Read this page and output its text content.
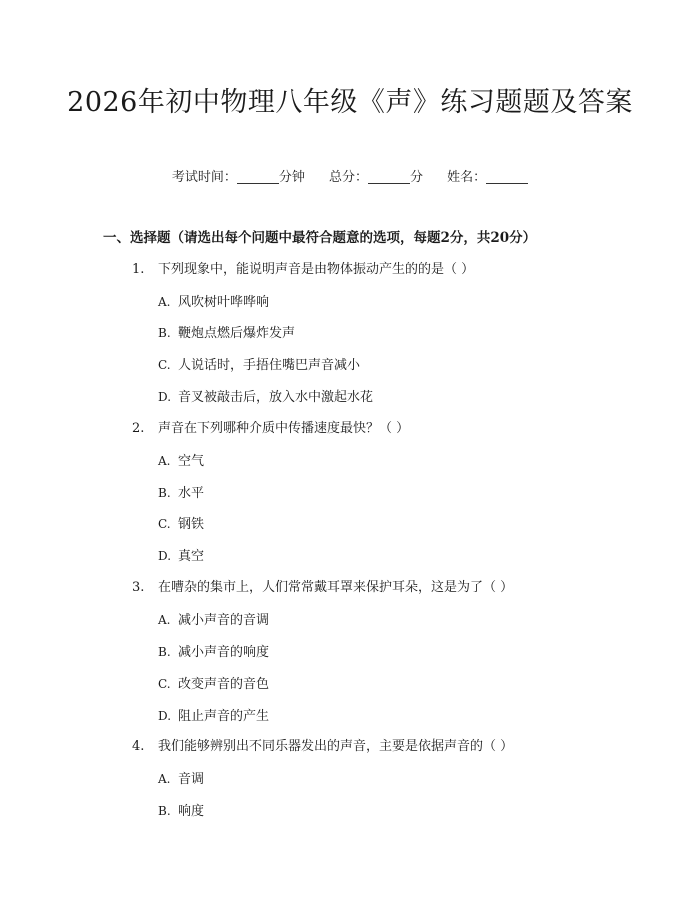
2026年初中物理八年级《声》练习题题及答案
考试时间：	分钟 总分：	分 姓名：
一、选择题（请选出每个问题中最符合题意的选项，每题2分，共20分）
1. 下列现象中，能说明声音是由物体振动产生的的是（ ）
A. 风吹树叶哗哗响
B. 鞭炮点燃后爆炸发声
C. 人说话时，手捂住嘴巴声音减小
D. 音叉被敲击后，放入水中激起水花
2. 声音在下列哪种介质中传播速度最快？（ ）
A. 空气
B. 水平
C. 钢铁
D. 真空
3. 在嘈杂的集市上，人们常常戴耳罩来保护耳朵，这是为了（ ）
A. 减小声音的音调
B. 减小声音的响度
C. 改变声音的音色
D. 阻止声音的产生
4. 我们能够辨别出不同乐器发出的声音，主要是依据声音的（ ）
A. 音调
B. 响度
